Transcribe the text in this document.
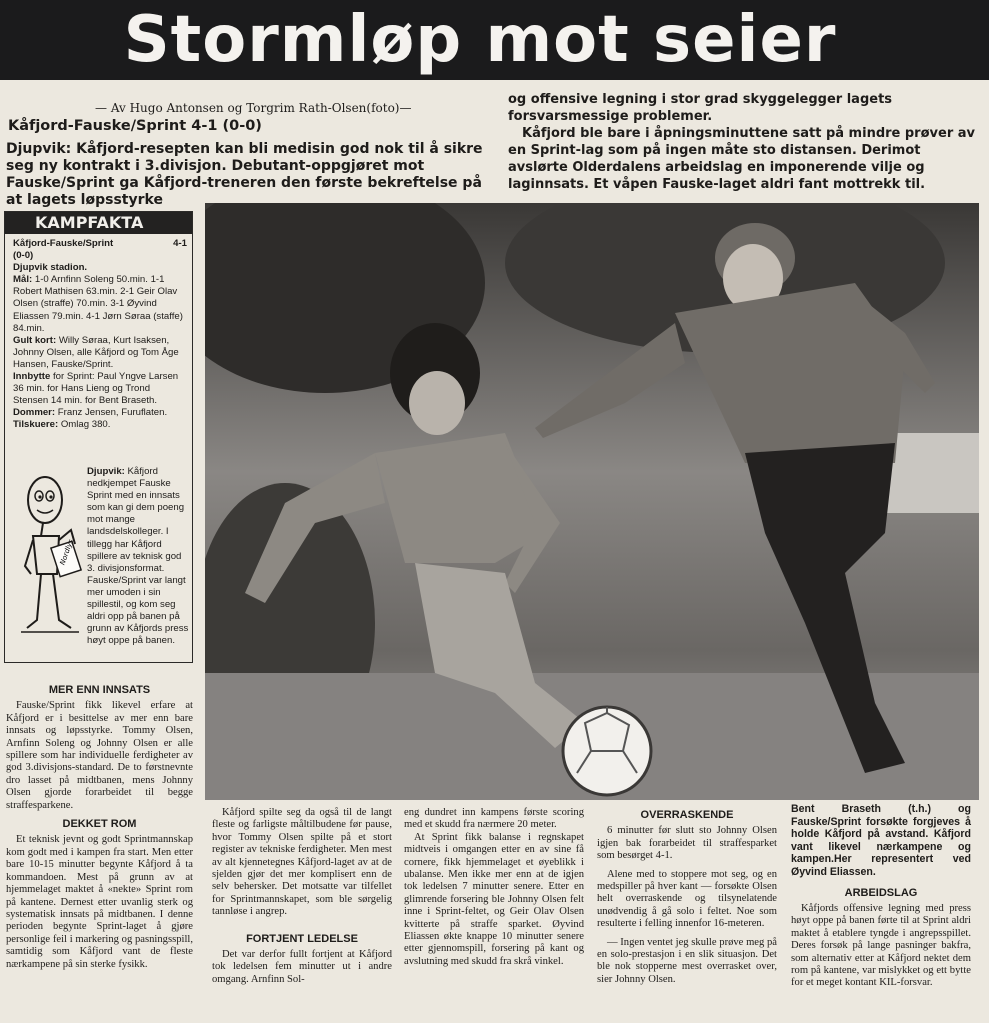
Stormløp mot seier
— Av Hugo Antonsen og Torgrim Rath-Olsen(foto)—
Kåfjord-Fauske/Sprint 4-1 (0-0)
Djupvik: Kåfjord-resepten kan bli medisin god nok til å sikre seg ny kontrakt i 3.divisjon. Debutant-oppgjøret mot Fauske/Sprint ga Kåfjord-treneren den første bekreftelse på at lagets løpsstyrke
og offensive legning i stor grad skyggelegger lagets forsvarsmessige problemer.

Kåfjord ble bare i åpningsminuttene satt på mindre prøver av en Sprint-lag som på ingen måte sto distansen. Derimot avslørte Olderdalens arbeidslag en imponerende vilje og laginnsats. Et våpen Fauske-laget aldri fant mottrekk til.

KAMPFAKTA
Kåfjord-Fauske/Sprint	4-1
(0-0)
Djupvik stadion.
Mål: 1-0 Arnfinn Soleng 50.min. 1-1 Robert Mathisen 63.min. 2-1 Geir Olav Olsen (straffe) 70.min. 3-1 Øyvind Eliassen 79.min. 4-1 Jørn Søraa (staffe) 84.min.
Gult kort: Willy Søraa, Kurt Isaksen, Johnny Olsen, alle Kåfjord og Tom Åge Hansen, Fauske/Sprint.
Innbytte for Sprint: Paul Yngve Larsen 36 min. for Hans Lieng og Trond Stensen 14 min. for Bent Braseth.
Dommer: Franz Jensen, Furuflaten.
Tilskuere: Omlag 380.
Nordlys
Djupvik: Kåfjord nedkjempet Fauske Sprint med en innsats som kan gi dem poeng mot mange landsdelskolleger. I tillegg har Kåfjord spillere av teknisk god 3. divisjonsformat. Fauske/Sprint var langt mer umoden i sin spillestil, og kom seg aldri opp på banen på grunn av Kåfjords press høyt oppe på banen.
MER ENN INNSATS

Fauske/Sprint fikk likevel erfare at Kåfjord er i besittelse av mer enn bare innsats og løpsstyrke. Tommy Olsen, Arnfinn Soleng og Johnny Olsen er alle spillere som har individuelle ferdigheter av god 3.divisjons-standard. De to førstnevnte dro lasset på midtbanen, mens Johnny Olsen gjorde forarbeidet til begge straffesparkene.

DEKKET ROM

Et teknisk jevnt og godt Sprintmannskap kom godt med i kampen fra start. Men etter bare 10-15 minutter begynte Kåfjord å ta kommandoen. Mest på grunn av at hjemmelaget maktet å «nekte» Sprint rom på kantene. Dernest etter uvanlig sterk og systematisk innsats på midtbanen. I denne perioden begynte Sprint-laget å gjøre personlige feil i markering og pasningsspill, samtidig som Kåfjord vant de fleste nærkampene på sin sterke fysikk.

Kåfjord spilte seg da også til de langt fleste og farligste måltilbudene før pause, hvor Tommy Olsen spilte på et stort register av tekniske ferdigheter. Men mest av alt kjennetegnes Kåfjord-laget av at de sjelden gjør det mer komplisert enn de selv behersker. Det motsatte var tilfellet for Sprintmannskapet, som ble sørgelig tannløse i angrep.

FORTJENT LEDELSE

Det var derfor fullt fortjent at Kåfjord tok ledelsen fem minutter ut i andre omgang. Arnfinn Sol-

eng dundret inn kampens første scoring med et skudd fra nærmere 20 meter.

At Sprint fikk balanse i regnskapet midtveis i omgangen etter en av sine få cornere, fikk hjemmelaget et øyeblikk i ubalanse. Men ikke mer enn at de igjen tok ledelsen 7 minutter senere. Etter en glimrende forsering ble Johnny Olsen felt inne i Sprint-feltet, og Geir Olav Olsen kvitterte på straffe sparket. Øyvind Eliassen økte knappe 10 minutter senere etter gjennomspill, forsering på kant og avslutning med skudd fra skrå vinkel.

OVERRASKENDE

6 minutter før slutt sto Johnny Olsen igjen bak forarbeidet til straffesparket som besørget 4-1.

Alene med to stoppere mot seg, og en medspiller på hver kant — forsøkte Olsen helt overraskende og tilsynelatende unødvendig å gå solo i feltet. Noe som resulterte i felling innenfor 16-meteren.

— Ingen ventet jeg skulle prøve meg på en solo-prestasjon i en slik situasjon. Det ble nok stopperne mest overrasket over, sier Johnny Olsen.

Bent Braseth (t.h.) og Fauske/Sprint forsøkte forgjeves å holde Kåfjord på avstand. Kåfjord vant likevel nærkampene og kampen.Her representert ved Øyvind Eliassen.
ARBEIDSLAG

Kåfjords offensive legning med press høyt oppe på banen førte til at Sprint aldri maktet å etablere tyngde i angrepsspillet. Deres forsøk på lange pasninger bakfra, som alternativ etter at Kåfjord nektet dem rom på kantene, var mislykket og ett bytte for et meget kontant KIL-forsvar.
